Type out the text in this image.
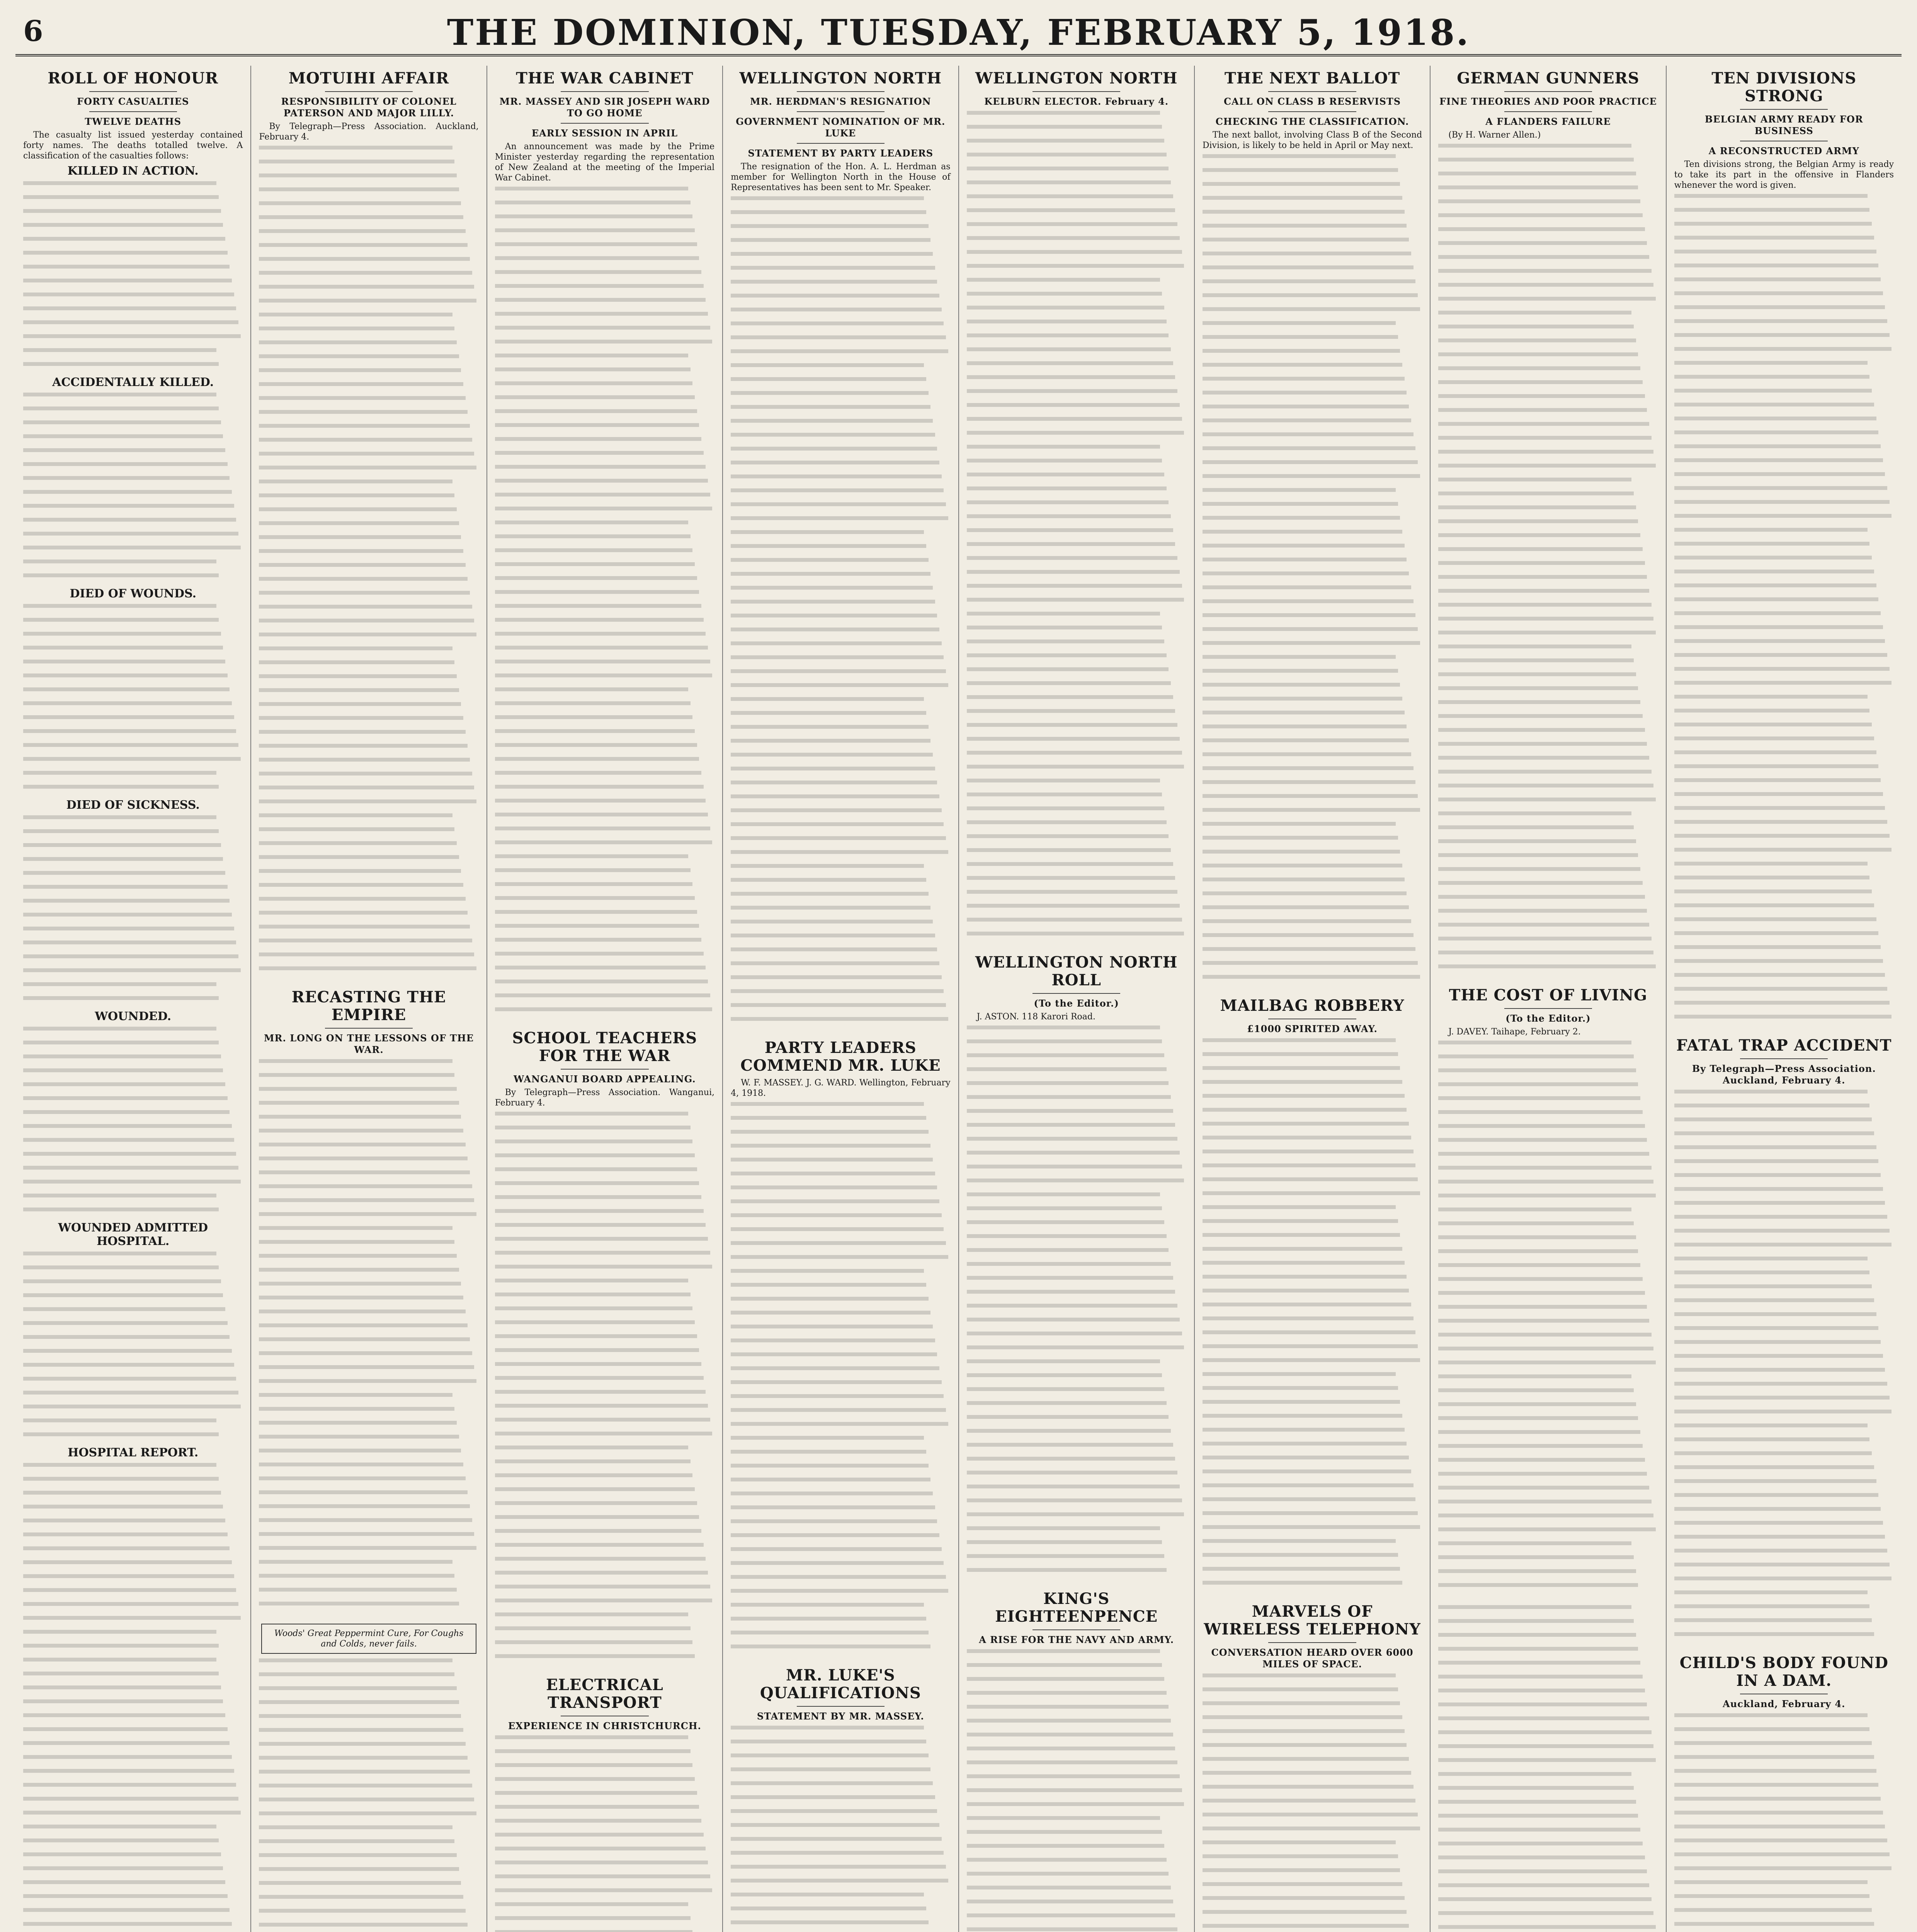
6	THE DOMINION, TUESDAY, FEBRUARY 5, 1918.
ROLL OF HONOUR
FORTY CASUALTIES
TWELVE DEATHS
The casualty list issued yesterday contained forty names. The deaths totalled twelve. A classification of the casualties follows:
KILLED IN ACTION.
ACCIDENTALLY KILLED.
DIED OF WOUNDS.
DIED OF SICKNESS.
WOUNDED.
WOUNDED ADMITTED HOSPITAL.
HOSPITAL REPORT.
MOTUIHI AFFAIR
RESPONSIBILITY OF COLONEL PATERSON AND MAJOR LILLY.
By Telegraph—Press Association. Auckland, February 4.
RECASTING THE EMPIRE
MR. LONG ON THE LESSONS OF THE WAR.
Woods' Great Peppermint Cure, For Coughs and Colds, never fails.
THE WAR CABINET
MR. MASSEY AND SIR JOSEPH WARD TO GO HOME
EARLY SESSION IN APRIL
An announcement was made by the Prime Minister yesterday regarding the representation of New Zealand at the meeting of the Imperial War Cabinet.
SCHOOL TEACHERS FOR THE WAR
WANGANUI BOARD APPEALING.
By Telegraph—Press Association. Wanganui, February 4.
ELECTRICAL TRANSPORT
EXPERIENCE IN CHRISTCHURCH.
WELLINGTON NORTH
MR. HERDMAN'S RESIGNATION
GOVERNMENT NOMINATION OF MR. LUKE
STATEMENT BY PARTY LEADERS
The resignation of the Hon. A. L. Herdman as member for Wellington North in the House of Representatives has been sent to Mr. Speaker.
PARTY LEADERS COMMEND MR. LUKE
W. F. MASSEY. J. G. WARD. Wellington, February 4, 1918.
MR. LUKE'S QUALIFICATIONS
STATEMENT BY MR. MASSEY.
WELLINGTON NORTH
KELBURN ELECTOR. February 4.
WELLINGTON NORTH ROLL
(To the Editor.)
J. ASTON. 118 Karori Road.
KING'S EIGHTEENPENCE
A RISE FOR THE NAVY AND ARMY.
THE NEXT BALLOT
CALL ON CLASS B RESERVISTS
CHECKING THE CLASSIFICATION.
The next ballot, involving Class B of the Second Division, is likely to be held in April or May next.
MAILBAG ROBBERY
£1000 SPIRITED AWAY.
MARVELS OF WIRELESS TELEPHONY
CONVERSATION HEARD OVER 6000 MILES OF SPACE.
GERMAN GUNNERS
FINE THEORIES AND POOR PRACTICE
A FLANDERS FAILURE
(By H. Warner Allen.)
THE COST OF LIVING
(To the Editor.)
J. DAVEY. Taihape, February 2.
TEN DIVISIONS STRONG
BELGIAN ARMY READY FOR BUSINESS
A RECONSTRUCTED ARMY
Ten divisions strong, the Belgian Army is ready to take its part in the offensive in Flanders whenever the word is given.
FATAL TRAP ACCIDENT
By Telegraph—Press Association. Auckland, February 4.
CHILD'S BODY FOUND IN A DAM.
Auckland, February 4.
